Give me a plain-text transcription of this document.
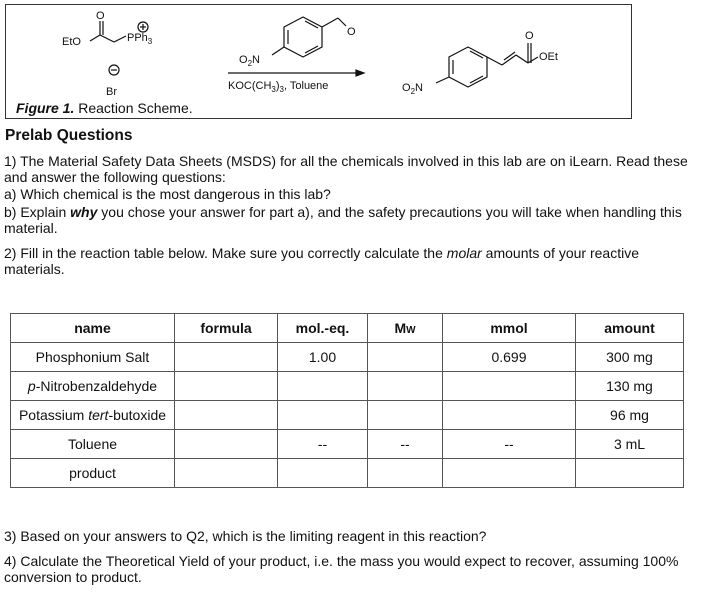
O
EtO	PPh$_3$
Br
O
$O_2N$
$KOC(CH_3)_3$, Toluene
O
OEt
$O_2N$
Figure 1. Reaction Scheme.
Prelab Questions
1) The Material Safety Data Sheets (MSDS) for all the chemicals involved in this lab are on iLearn. Read these and answer the following questions:
a) Which chemical is the most dangerous in this lab?
b) Explain why you chose your answer for part a), and the safety precautions you will take when handling this material.
2) Fill in the reaction table below. Make sure you correctly calculate the molar amounts of your reactive materials.
name	formula	mol.-eq.	MW	mmol	amount
Phosphonium Salt		1.00		0.699	300 mg
p-Nitrobenzaldehyde					130 mg
Potassium tert-butoxide					96 mg
Toluene		--	--	--	3 mL
product					
3) Based on your answers to Q2, which is the limiting reagent in this reaction?
4) Calculate the Theoretical Yield of your product, i.e. the mass you would expect to recover, assuming 100% conversion to product.
